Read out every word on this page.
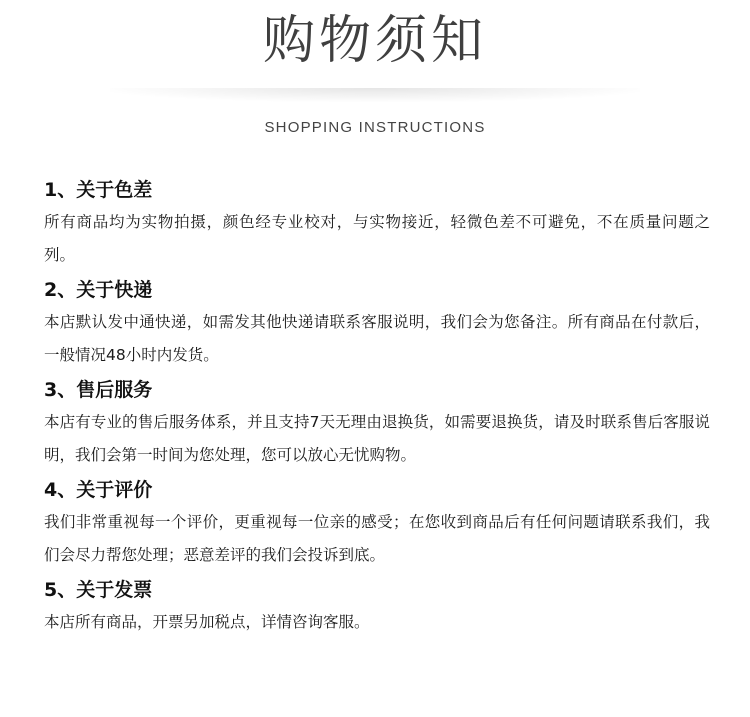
购物须知
SHOPPING INSTRUCTIONS
1、关于色差

所有商品均为实物拍摄，颜色经专业校对，与实物接近，轻微色差不可避免，不在质量问题之列。

2、关于快递

本店默认发中通快递，如需发其他快递请联系客服说明，我们会为您备注。所有商品在付款后，一般情况48小时内发货。

3、售后服务

本店有专业的售后服务体系，并且支持7天无理由退换货，如需要退换货，请及时联系售后客服说明，我们会第一时间为您处理，您可以放心无忧购物。

4、关于评价

我们非常重视每一个评价，更重视每一位亲的感受；在您收到商品后有任何问题请联系我们，我们会尽力帮您处理；恶意差评的我们会投诉到底。

5、关于发票

本店所有商品，开票另加税点，详情咨询客服。
